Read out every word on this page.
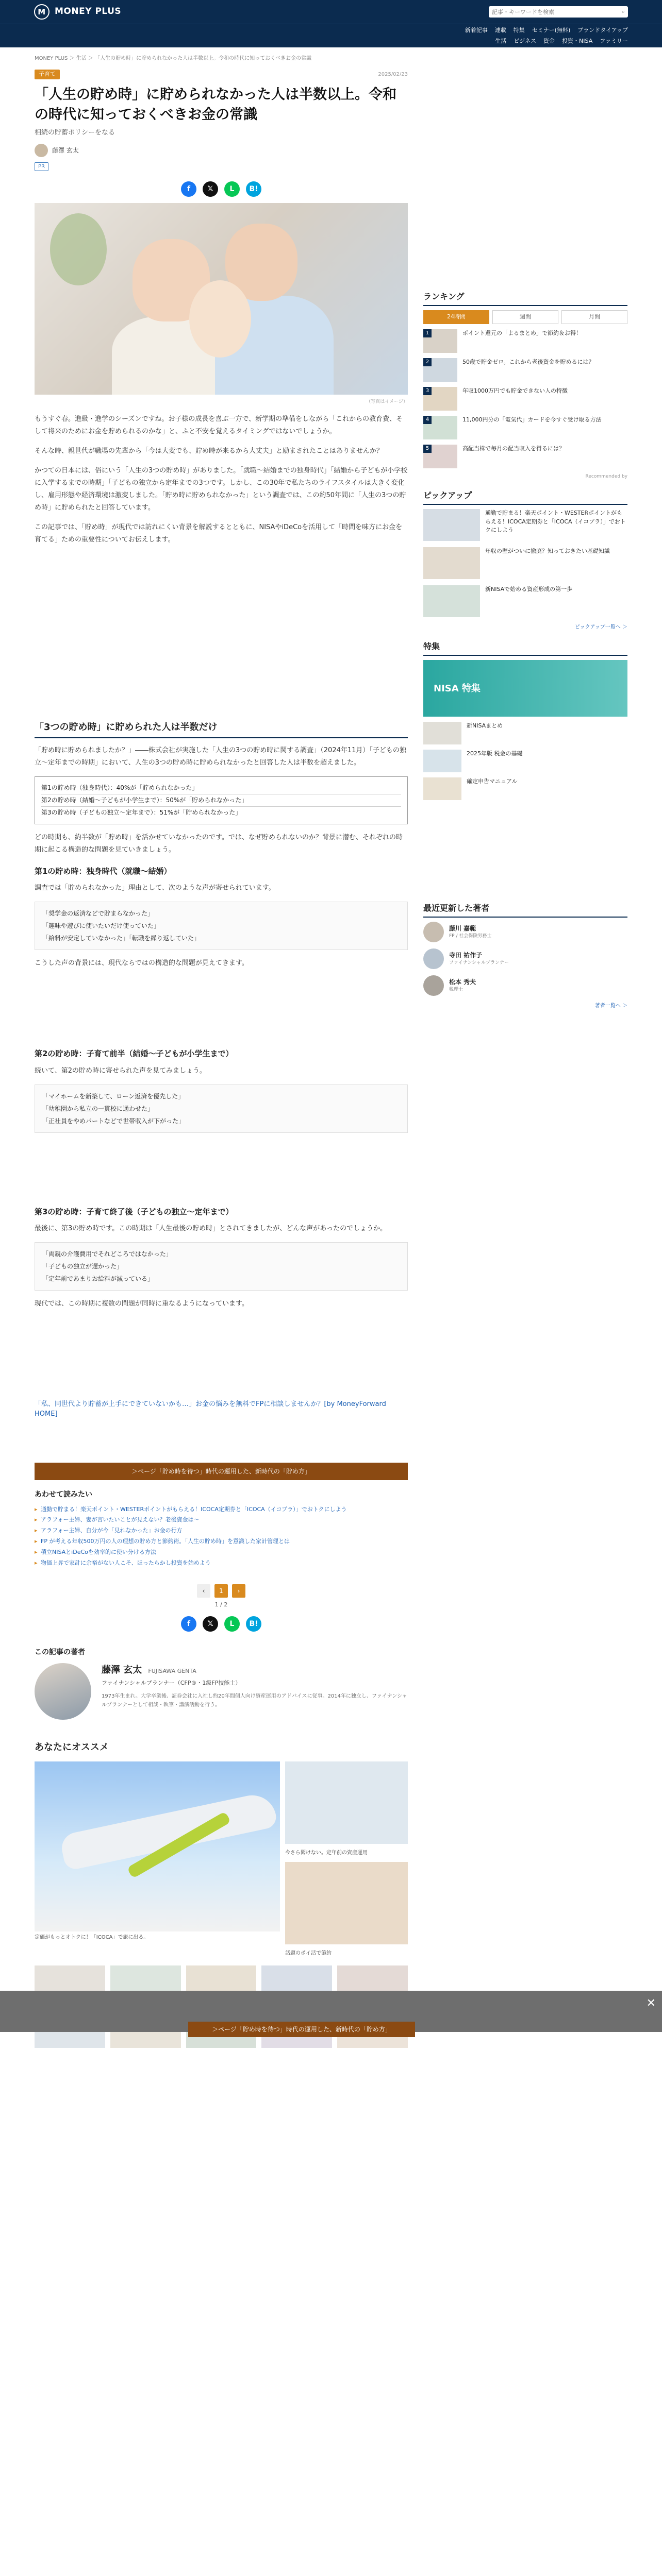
M	MONEY PLUS
記事・キーワードを検索	⌕
新着記事 連載 特集 セミナー(無料) ブランドタイアップ
生活 ビジネス 資金 投資・NISA ファミリー
MONEY PLUS ＞ 生活 ＞ 「人生の貯め時」に貯められなかった人は半数以上。令和の時代に知っておくべきお金の常識
子育て	2025/02/23
「人生の貯め時」に貯められなかった人は半数以上。令和の時代に知っておくべきお金の常識
相続の貯蓄ポリシーをなる
藤澤 玄太
PR
f	𝕏	L	B!
（写真はイメージ）

もうすぐ春。進級・進学のシーズンですね。お子様の成長を喜ぶ一方で、新学期の準備をしながら「これからの教育費、そして将来のためにお金を貯められるのかな」と、ふと不安を覚えるタイミングではないでしょうか。

そんな時、親世代が職場の先輩から「今は大変でも、貯め時が来るから大丈夫」と励まされたことはありませんか？

かつての日本には、俗にいう「人生の3つの貯め時」がありました。「就職〜結婚までの独身時代」「結婚から子どもが小学校に入学するまでの時期」「子どもの独立から定年までの3つです。しかし、この30年で私たちのライフスタイルは大きく変化し、雇用形態や経済環境は激変しました。「貯め時に貯められなかった」という調査では、この約50年間に「人生の3つの貯め時」に貯められたと回答しています。

この記事では、「貯め時」が現代では訪れにくい背景を解説するとともに、NISAやiDeCoを活用して「時間を味方にお金を育てる」ための重要性についてお伝えします。

「3つの貯め時」に貯められた人は半数だけ

「貯め時に貯められましたか？」――株式会社が実施した「人生の3つの貯め時に関する調査」（2024年11月）「子どもの独立〜定年までの時期」において、人生の3つの貯め時に貯められなかったと回答した人は半数を超えました。

第1の貯め時（独身時代）：40%が「貯められなかった」
第2の貯め時（結婚〜子どもが小学生まで）：50%が「貯められなかった」
第3の貯め時（子どもの独立〜定年まで）：51%が「貯められなかった」

どの時期も、約半数が「貯め時」を活かせていなかったのです。では、なぜ貯められないのか？背景に潜む、それぞれの時期に起こる構造的な問題を見ていきましょう。

第1の貯め時：独身時代（就職〜結婚）

調査では「貯められなかった」理由として、次のような声が寄せられています。

「奨学金の返済などで貯まらなかった」
「趣味や遊びに使いたいだけ使っていた」
「給料が安定していなかった」「転職を繰り返していた」

こうした声の背景には、現代ならではの構造的な問題が見えてきます。

第2の貯め時：子育て前半（結婚〜子どもが小学生まで）

続いて、第2の貯め時に寄せられた声を見てみましょう。

「マイホームを新築して、ローン返済を優先した」
「幼稚園から私立の一貫校に通わせた」
「正社員をやめパートなどで世帯収入が下がった」
第3の貯め時：子育て終了後（子どもの独立〜定年まで）

最後に、第3の貯め時です。この時期は「人生最後の貯め時」とされてきましたが、どんな声があったのでしょうか。

「両親の介護費用でそれどころではなかった」
「子どもの独立が遅かった」
「定年前であまりお給料が減っている」

現代では、この時期に複数の問題が同時に重なるようになっています。

「私、同世代より貯蓄が上手にできていないかも…」お金の悩みを無料でFPに相談しませんか？[by MoneyForward HOME]
＞ページ「貯め時を待つ」時代の運用した、新時代の「貯め方」
あわせて読みたい
▸ 通勤で貯まる！楽天ポイント・WESTERポイントがもらえる！ICOCA定期券と「ICOCA（イコプラ）」でおトクにしよう
▸ アラフォー主婦、妻が言いたいことが見えない？老後資金は〜
▸ アラフォー主婦、自分が今「見れなかった」お金の行方
▸ FP が考える年収500万円の人の理想の貯め方と節約術。「人生の貯め時」を意識した家計管理とは
▸ 積立NISAとiDeCoを効率的に使い分ける方法
▸ 物価上昇で家計に余裕がない人こそ、ほったらかし投資を始めよう
‹	1	›
1 / 2
f	𝕏	L	B!
この記事の著者
藤澤 玄太 FUJISAWA GENTA
ファイナンシャルプランナー（CFP®・1級FP技能士）
1973年生まれ。大学卒業後、証券会社に入社し約20年間個人向け資産運用のアドバイスに従事。2014年に独立し、ファイナンシャルプランナーとして相談・執筆・講演活動を行う。
あなたにオススメ
定価がもっとオトクに！「ICOCA」で旅に出る。
今さら聞けない。定年前の資産運用
話題のポイ活で節約
ランキング
24時間	週間	月間
1	ポイント還元の「よるまとめ」で節約＆お得！
2	50歳で貯金ゼロ。これから老後資金を貯めるには？
3	年収1000万円でも貯金できない人の特徴
4	11,000円分の「電気代」カードを今すぐ受け取る方法
5	高配当株で毎月の配当収入を得るには？
Recommended by
ピックアップ
通勤で貯まる！楽天ポイント・WESTERポイントがもらえる！ICOCA定期券と「ICOCA（イコプラ）」でおトクにしよう
年収の壁がついに撤廃？知っておきたい基礎知識
新NISAで始める資産形成の第一歩
ピックアップ一覧へ ＞
特集
NISA 特集
新NISAまとめ
2025年版 税金の基礎
確定申告マニュアル
最近更新した著者
藤川 嘉範
FP / 社会保険労務士
寺田 祐作子
ファイナンシャルプランナー
松本 秀夫
税理士
著者一覧へ ＞
✕
＞ページ「貯め時を待つ」時代の運用した、新時代の「貯め方」
